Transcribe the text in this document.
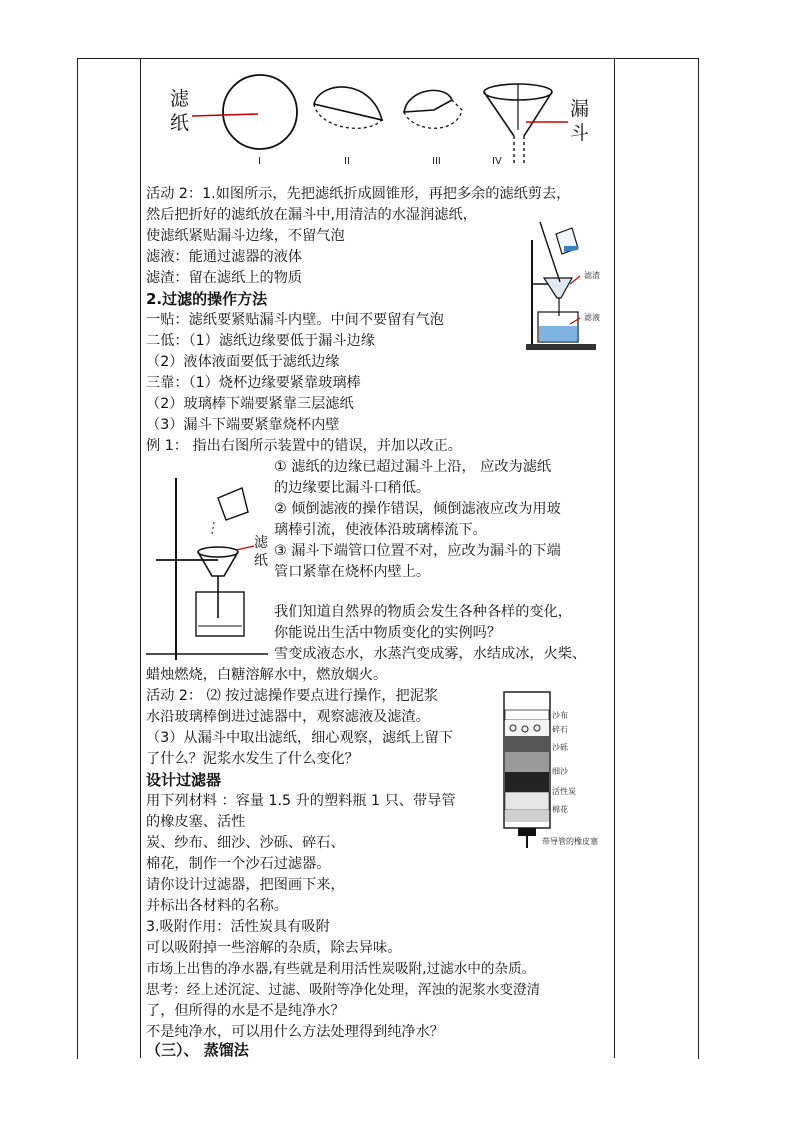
滤
纸
漏
斗
I	II	III	IV
滤渣
滤液
滤
纸
沙布
碎石
沙砾
细沙
活性炭
棉花
带导管的橡皮塞
活动 2：1.如图所示，先把滤纸折成圆锥形，再把多余的滤纸剪去，
然后把折好的滤纸放在漏斗中,用清洁的水湿润滤纸，
使滤纸紧贴漏斗边缘，不留气泡
滤液：能通过滤器的液体
滤渣：留在滤纸上的物质
2.过滤的操作方法
一贴：滤纸要紧贴漏斗内壁。中间不要留有气泡
二低：（1）滤纸边缘要低于漏斗边缘
（2）液体液面要低于滤纸边缘
三靠：（1）烧杯边缘要紧靠玻璃棒
（2）玻璃棒下端要紧靠三层滤纸
（3）漏斗下端要紧靠烧杯内壁
例 1： 指出右图所示装置中的错误，并加以改正。
① 滤纸的边缘已超过漏斗上沿， 应改为滤纸
的边缘要比漏斗口稍低。
② 倾倒滤液的操作错误，倾倒滤液应改为用玻
璃棒引流，使液体沿玻璃棒流下。
③ 漏斗下端管口位置不对，应改为漏斗的下端
管口紧靠在烧杯内壁上。
我们知道自然界的物质会发生各种各样的变化，
你能说出生活中物质变化的实例吗？
雪变成液态水，水蒸汽变成雾，水结成冰，火柴、
蜡烛燃烧，白糖溶解水中，燃放烟火。
活动 2： ⑵ 按过滤操作要点进行操作，把泥浆
水沿玻璃棒倒进过滤器中，观察滤液及滤渣。
（3）从漏斗中取出滤纸，细心观察，滤纸上留下
了什么？泥浆水发生了什么变化？
设计过滤器
用下列材料 ：容量 1.5 升的塑料瓶 1 只、带导管
的橡皮塞、活性
炭、纱布、细沙、沙砾、碎石、
棉花，制作一个沙石过滤器。
请你设计过滤器，把图画下来，
并标出各材料的名称。
3.吸附作用：活性炭具有吸附
可以吸附掉一些溶解的杂质，除去异味。
市场上出售的净水器,有些就是利用活性炭吸附,过滤水中的杂质。
思考：经上述沉淀、过滤、吸附等净化处理，浑浊的泥浆水变澄清
了，但所得的水是不是纯净水？
不是纯净水，可以用什么方法处理得到纯净水？
（三）、 蒸馏法
